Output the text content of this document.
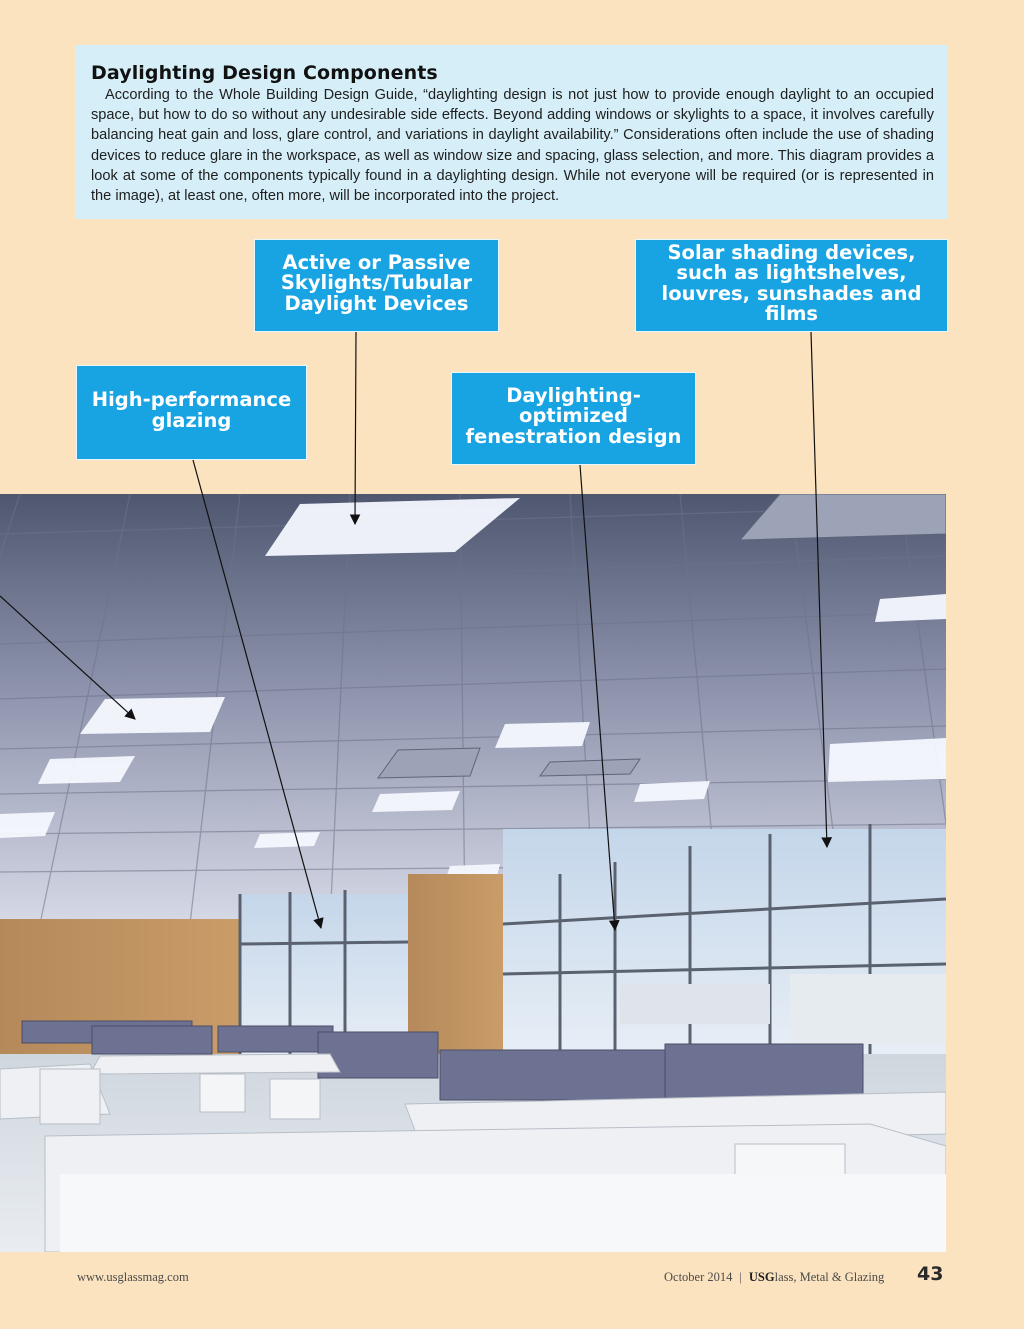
Daylighting Design Components

According to the Whole Building Design Guide, “daylighting design is not just how to provide enough daylight to an occupied space, but how to do so without any undesirable side effects. Beyond adding windows or skylights to a space, it involves carefully balancing heat gain and loss, glare control, and variations in daylight availability.” Considerations often include the use of shading devices to reduce glare in the workspace, as well as window size and spacing, glass selection, and more. This diagram provides a look at some of the components typically found in a daylighting design. While not everyone will be required (or is represented in the image), at least one, often more, will be incorporated into the project.

Active or Passive
Skylights/Tubular
Daylight Devices
Solar shading devices,
such as lightshelves,
louvres, sunshades and films
High-performance
glazing
Daylighting-optimized
fenestration design
www.usglassmag.com	October 2014 | USG lass, Metal & Glazing 43
